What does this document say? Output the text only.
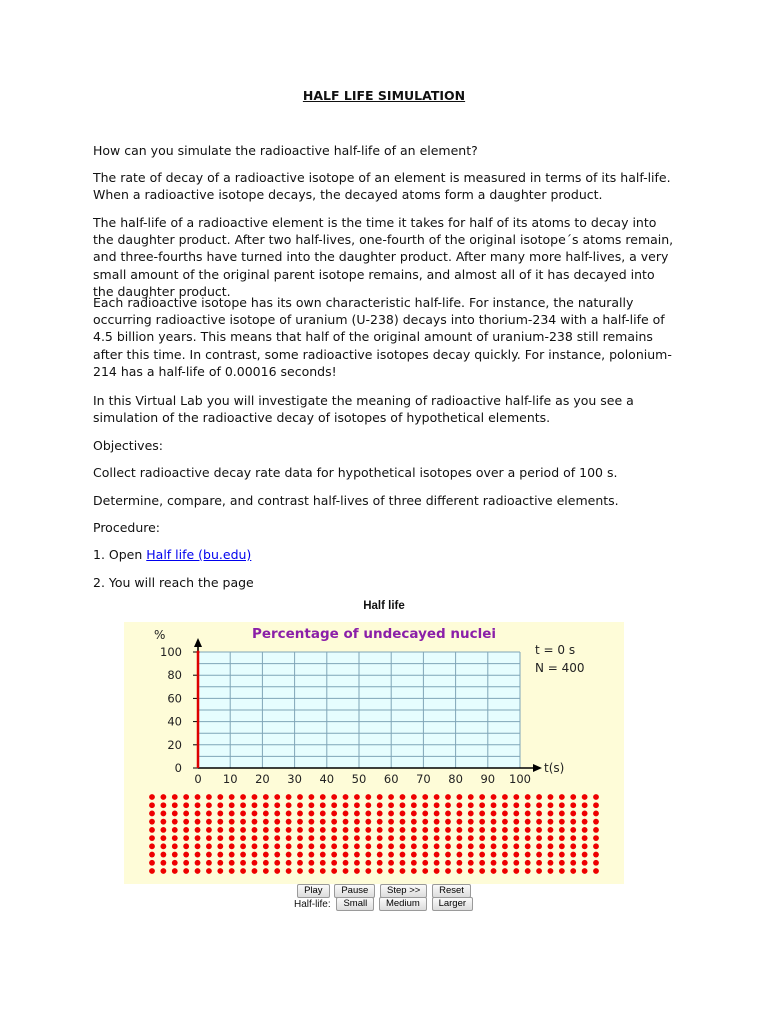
HALF LIFE SIMULATION

How can you simulate the radioactive half-life of an element?

The rate of decay of a radioactive isotope of an element is measured in terms of its half-life. When a radioactive isotope decays, the decayed atoms form a daughter product.

The half-life of a radioactive element is the time it takes for half of its atoms to decay into the daughter product. After two half-lives, one-fourth of the original isotope´s atoms remain, and three-fourths have turned into the daughter product. After many more half-lives, a very small amount of the original parent isotope remains, and almost all of it has decayed into the daughter product.

Each radioactive isotope has its own characteristic half-life. For instance, the naturally occurring radioactive isotope of uranium (U-238) decays into thorium-234 with a half-life of 4.5 billion years. This means that half of the original amount of uranium-238 still remains after this time. In contrast, some radioactive isotopes decay quickly. For instance, polonium-214 has a half-life of 0.00016 seconds!

In this Virtual Lab you will investigate the meaning of radioactive half-life as you see a simulation of the radioactive decay of isotopes of hypothetical elements.

Objectives:

Collect radioactive decay rate data for hypothetical isotopes over a period of 100 s.

Determine, compare, and contrast half-lives of three different radioactive elements.

Procedure:

1. Open Half life (bu.edu)

2. You will reach the page

Half life
0 10 20 30 40 50 60 70 80 90 100
0
20
40
60
80
100
%
t(s)
Percentage of undecayed nuclei
t = 0 s
N = 400
Play Pause Step >> Reset
Half-life: Small Medium Larger
